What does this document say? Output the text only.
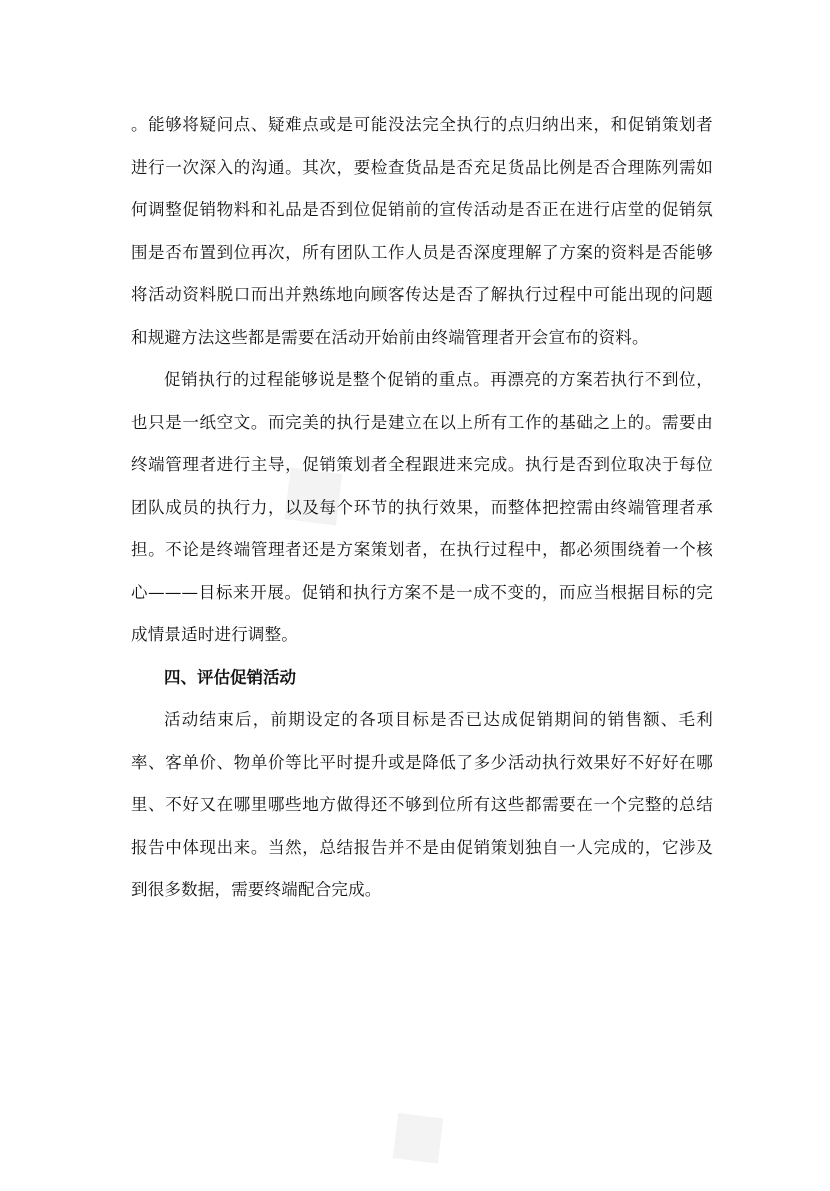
◆
◆

。能够将疑问点、疑难点或是可能没法完全执行的点归纳出来，和促销策划者进行一次深入的沟通。其次，要检查货品是否充足货品比例是否合理陈列需如何调整促销物料和礼品是否到位促销前的宣传活动是否正在进行店堂的促销氛围是否布置到位再次，所有团队工作人员是否深度理解了方案的资料是否能够将活动资料脱口而出并熟练地向顾客传达是否了解执行过程中可能出现的问题和规避方法这些都是需要在活动开始前由终端管理者开会宣布的资料。

促销执行的过程能够说是整个促销的重点。再漂亮的方案若执行不到位，也只是一纸空文。而完美的执行是建立在以上所有工作的基础之上的。需要由终端管理者进行主导，促销策划者全程跟进来完成。执行是否到位取决于每位团队成员的执行力，以及每个环节的执行效果，而整体把控需由终端管理者承担。不论是终端管理者还是方案策划者，在执行过程中，都必须围绕着一个核心———目标来开展。促销和执行方案不是一成不变的，而应当根据目标的完成情景适时进行调整。

四、评估促销活动

活动结束后，前期设定的各项目标是否已达成促销期间的销售额、毛利率、客单价、物单价等比平时提升或是降低了多少活动执行效果好不好好在哪里、不好又在哪里哪些地方做得还不够到位所有这些都需要在一个完整的总结报告中体现出来。当然，总结报告并不是由促销策划独自一人完成的，它涉及到很多数据，需要终端配合完成。
